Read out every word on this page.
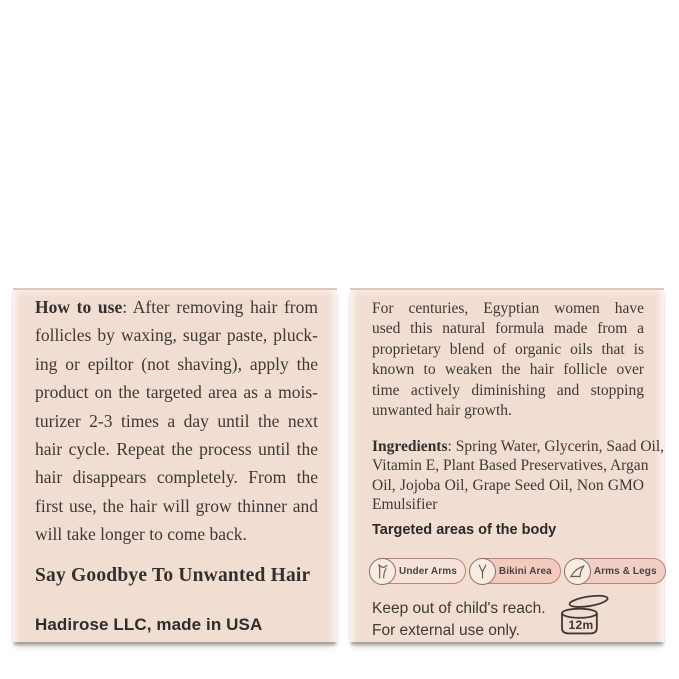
How to use: After removing hair from
follicles by waxing, sugar paste, pluck-
ing or epiltor (not shaving), apply the
product on the targeted area as a mois-
turizer 2-3 times a day until the next
hair cycle. Repeat the process until the
hair disappears completely. From the
first use, the hair will grow thinner and
will take longer to come back.
Say Goodbye To Unwanted Hair
Hadirose LLC, made in USA
For centuries, Egyptian women have
used this natural formula made from a
proprietary blend of organic oils that is
known to weaken the hair follicle over
time actively diminishing and stopping
unwanted hair growth.
Ingredients: Spring Water, Glycerin, Saad Oil,
Vitamin E, Plant Based Preservatives, Argan
Oil, Jojoba Oil, Grape Seed Oil, Non GMO
Emulsifier
Targeted areas of the body
Under Arms	Bikini Area	Arms & Legs
Keep out of child's reach.
For external use only.	12m
